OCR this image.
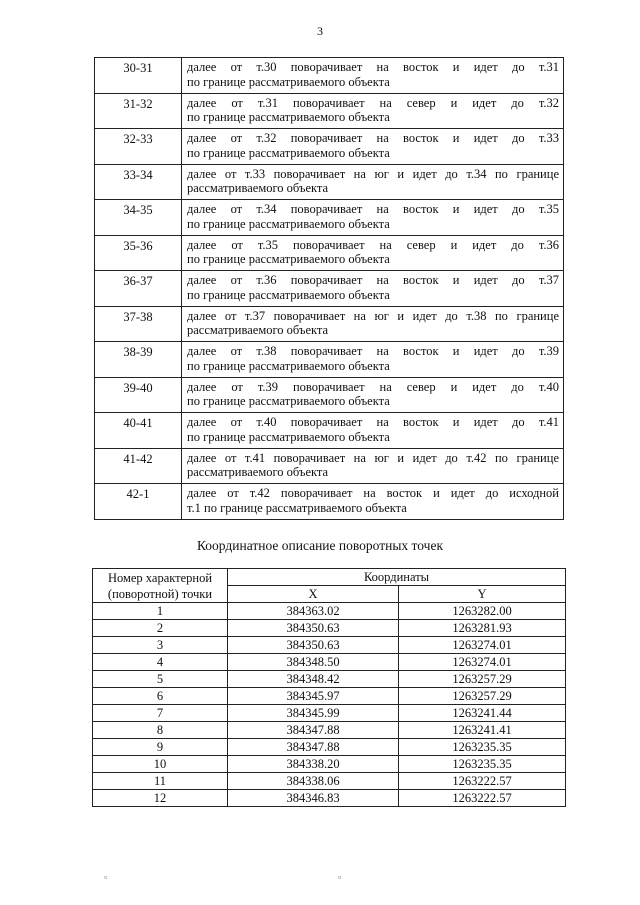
3
30-31	далее от т.30 поворачивает на восток и идет до т.31

по границе рассматриваемого объекта

31-32	далее от т.31 поворачивает на север и идет до т.32

по границе рассматриваемого объекта

32-33	далее от т.32 поворачивает на восток и идет до т.33

по границе рассматриваемого объекта

33-34	далее от т.33 поворачивает на юг и идет до т.34 по границе

рассматриваемого объекта

34-35	далее от т.34 поворачивает на восток и идет до т.35

по границе рассматриваемого объекта

35-36	далее от т.35 поворачивает на север и идет до т.36

по границе рассматриваемого объекта

36-37	далее от т.36 поворачивает на восток и идет до т.37

по границе рассматриваемого объекта

37-38	далее от т.37 поворачивает на юг и идет до т.38 по границе

рассматриваемого объекта

38-39	далее от т.38 поворачивает на восток и идет до т.39

по границе рассматриваемого объекта

39-40	далее от т.39 поворачивает на север и идет до т.40

по границе рассматриваемого объекта

40-41	далее от т.40 поворачивает на восток и идет до т.41

по границе рассматриваемого объекта

41-42	далее от т.41 поворачивает на юг и идет до т.42 по границе

рассматриваемого объекта

42-1	далее от т.42 поворачивает на восток и идет до исходной

т.1 по границе рассматриваемого объекта
Координатное описание поворотных точек
Номер характерной
(поворотной) точки	Координаты	
	X	Y
1	384363.02	1263282.00
2	384350.63	1263281.93
3	384350.63	1263274.01
4	384348.50	1263274.01
5	384348.42	1263257.29
6	384345.97	1263257.29
7	384345.99	1263241.44
8	384347.88	1263241.41
9	384347.88	1263235.35
10	384338.20	1263235.35
11	384338.06	1263222.57
12	384346.83	1263222.57
▫	▫
